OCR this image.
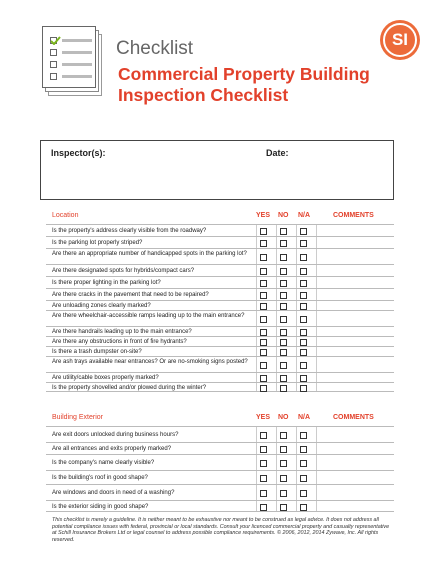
Checklist
Commercial Property Building
Inspection Checklist
SI
Inspector(s):	Date:
Location	YES NO N/A	COMMENTS
Is the property's address clearly visible from the roadway?
Is the parking lot properly striped?
Are there an appropriate number of handicapped spots in the parking lot?
Are there designated spots for hybrids/compact cars?
Is there proper lighting in the parking lot?
Are there cracks in the pavement that need to be repaired?
Are unloading zones clearly marked?
Are there wheelchair-accessible ramps leading up to the main entrance?
Are there handrails leading up to the main entrance?
Are there any obstructions in front of fire hydrants?
Is there a trash dumpster on-site?
Are ash trays available near entrances? Or are no-smoking signs posted?
Are utility/cable boxes properly marked?
Is the property shovelled and/or plowed during the winter?
Building Exterior	YES NO N/A	COMMENTS
Are exit doors unlocked during business hours?
Are all entrances and exits properly marked?
Is the company's name clearly visible?
Is the building's roof in good shape?
Are windows and doors in need of a washing?
Is the exterior siding in good shape?
This checklist is merely a guideline. It is neither meant to be exhaustive nor meant to be construed as legal advice. It does not address all potential compliance issues with federal, provincial or local standards. Consult your licenced commercial property and casualty representative at Schill Insurance Brokers Ltd or legal counsel to address possible compliance requirements. © 2006, 2012, 2014 Zywave, Inc. All rights reserved.
